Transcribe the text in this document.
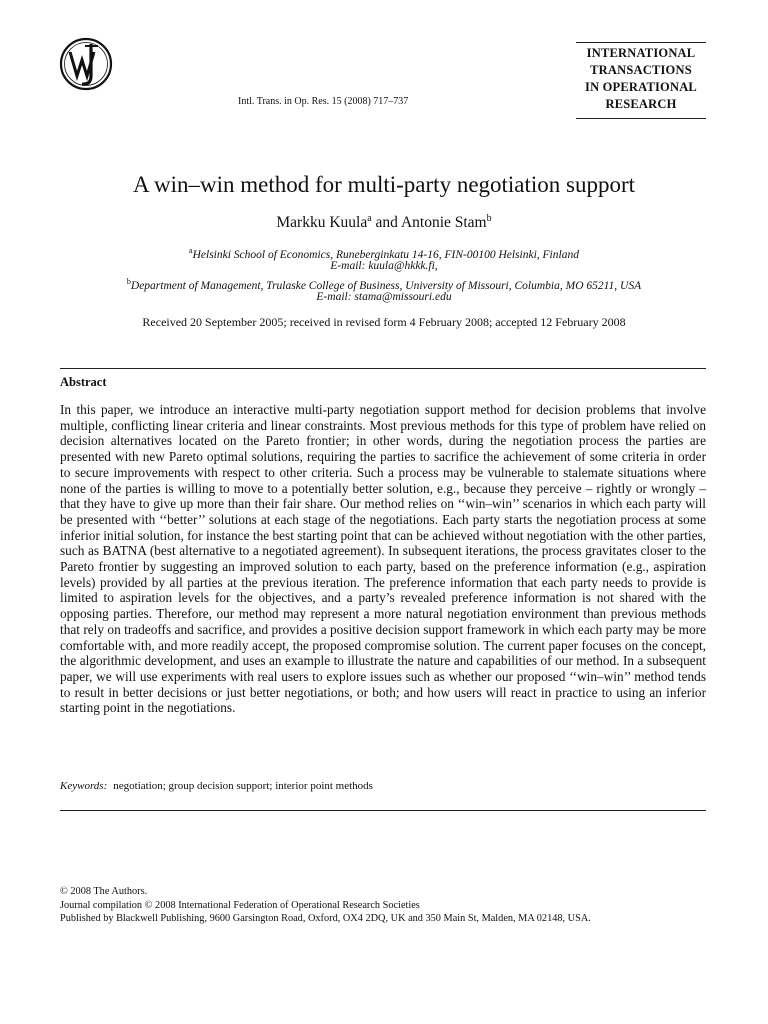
Intl. Trans. in Op. Res. 15 (2008) 717–737
INTERNATIONAL
TRANSACTIONS
IN OPERATIONAL
RESEARCH
A win–win method for multi-party negotiation support
Markku Kuula$^a$ and Antonie Stam$^b$
$^a$Helsinki School of Economics, Runeberginkatu 14-16, FIN-00100 Helsinki, Finland
E-mail: kuula@hkkk.fi,
$^b$Department of Management, Trulaske College of Business, University of Missouri, Columbia, MO 65211, USA
E-mail: stama@missouri.edu
Received 20 September 2005; received in revised form 4 February 2008; accepted 12 February 2008
Abstract

In this paper, we introduce an interactive multi-party negotiation support method for decision problems that involve multiple, conflicting linear criteria and linear constraints. Most previous methods for this type of problem have relied on decision alternatives located on the Pareto frontier; in other words, during the negotiation process the parties are presented with new Pareto optimal solutions, requiring the parties to sacrifice the achievement of some criteria in order to secure improvements with respect to other criteria. Such a process may be vulnerable to stalemate situations where none of the parties is willing to move to a potentially better solution, e.g., because they perceive – rightly or wrongly – that they have to give up more than their fair share. Our method relies on ‘‘win–win’’ scenarios in which each party will be presented with ‘‘better’’ solutions at each stage of the negotiations. Each party starts the negotiation process at some inferior initial solution, for instance the best starting point that can be achieved without negotiation with the other parties, such as BATNA (best alternative to a negotiated agreement). In subsequent iterations, the process gravitates closer to the Pareto frontier by suggesting an improved solution to each party, based on the preference information (e.g., aspiration levels) provided by all parties at the previous iteration. The preference information that each party needs to provide is limited to aspiration levels for the objectives, and a party’s revealed preference information is not shared with the opposing parties. Therefore, our method may represent a more natural negotiation environment than previous methods that rely on tradeoffs and sacrifice, and provides a positive decision support framework in which each party may be more comfortable with, and more readily accept, the proposed compromise solution. The current paper focuses on the concept, the algorithmic development, and uses an example to illustrate the nature and capabilities of our method. In a subsequent paper, we will use experiments with real users to explore issues such as whether our proposed ‘‘win–win’’ method tends to result in better decisions or just better negotiations, or both; and how users will react in practice to using an inferior starting point in the negotiations.

Keywords: negotiation; group decision support; interior point methods
© 2008 The Authors.
Journal compilation © 2008 International Federation of Operational Research Societies
Published by Blackwell Publishing, 9600 Garsington Road, Oxford, OX4 2DQ, UK and 350 Main St, Malden, MA 02148, USA.
